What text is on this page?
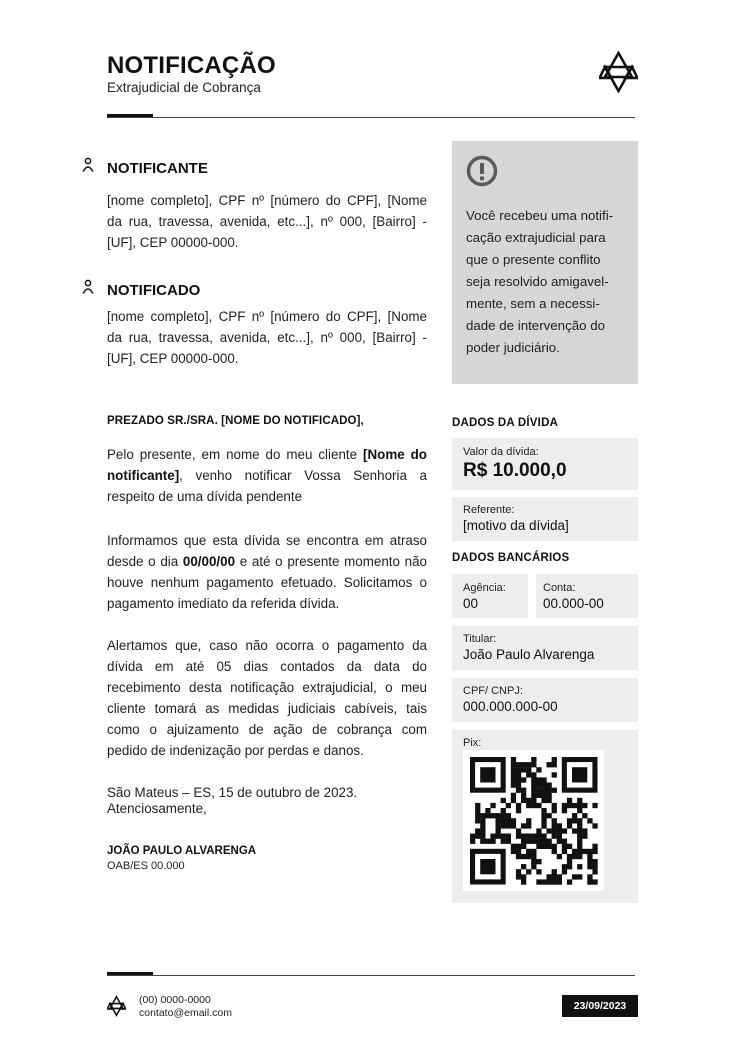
NOTIFICAÇÃO
Extrajudicial de Cobrança
NOTIFICANTE
[nome completo], CPF nº [número do CPF], [Nome da rua, travessa, avenida, etc...], nº 000, [Bairro] - [UF], CEP 00000-000.
NOTIFICADO
[nome completo], CPF nº [número do CPF], [Nome da rua, travessa, avenida, etc...], nº 000, [Bairro] - [UF], CEP 00000-000.
Você recebeu uma notifi-
cação extrajudicial para
que o presente conflito
seja resolvido amigavel-
mente, sem a necessi-
dade de intervenção do
poder judiciário.
PREZADO SR./SRA. [NOME DO NOTIFICADO],
Pelo presente, em nome do meu cliente [Nome do notificante], venho notificar Vossa Senhoria a respeito de uma dívida pendente
Informamos que esta dívida se encontra em atraso desde o dia 00/00/00 e até o presente momento não houve nenhum pagamento efetuado. Solicitamos o pagamento imediato da referida dívida.
Alertamos que, caso não ocorra o pagamento da dívida em até 05 dias contados da data do recebimento desta notificação extrajudicial, o meu cliente tomará as medidas judiciais cabíveis, tais como o ajuizamento de ação de cobrança com pedido de indenização por perdas e danos.
São Mateus – ES, 15 de outubro de 2023.
Atenciosamente,
JOÃO PAULO ALVARENGA
OAB/ES 00.000
DADOS DA DÍVIDA
Valor da dívida:
R$ 10.000,0
Referente:
[motivo da dívida]
DADOS BANCÁRIOS
Agência:
00
Conta:
00.000-00
Titular:
João Paulo Alvarenga
CPF/ CNPJ:
000.000.000-00
Pix:
(00) 0000-0000
contato@email.com
23/09/2023
